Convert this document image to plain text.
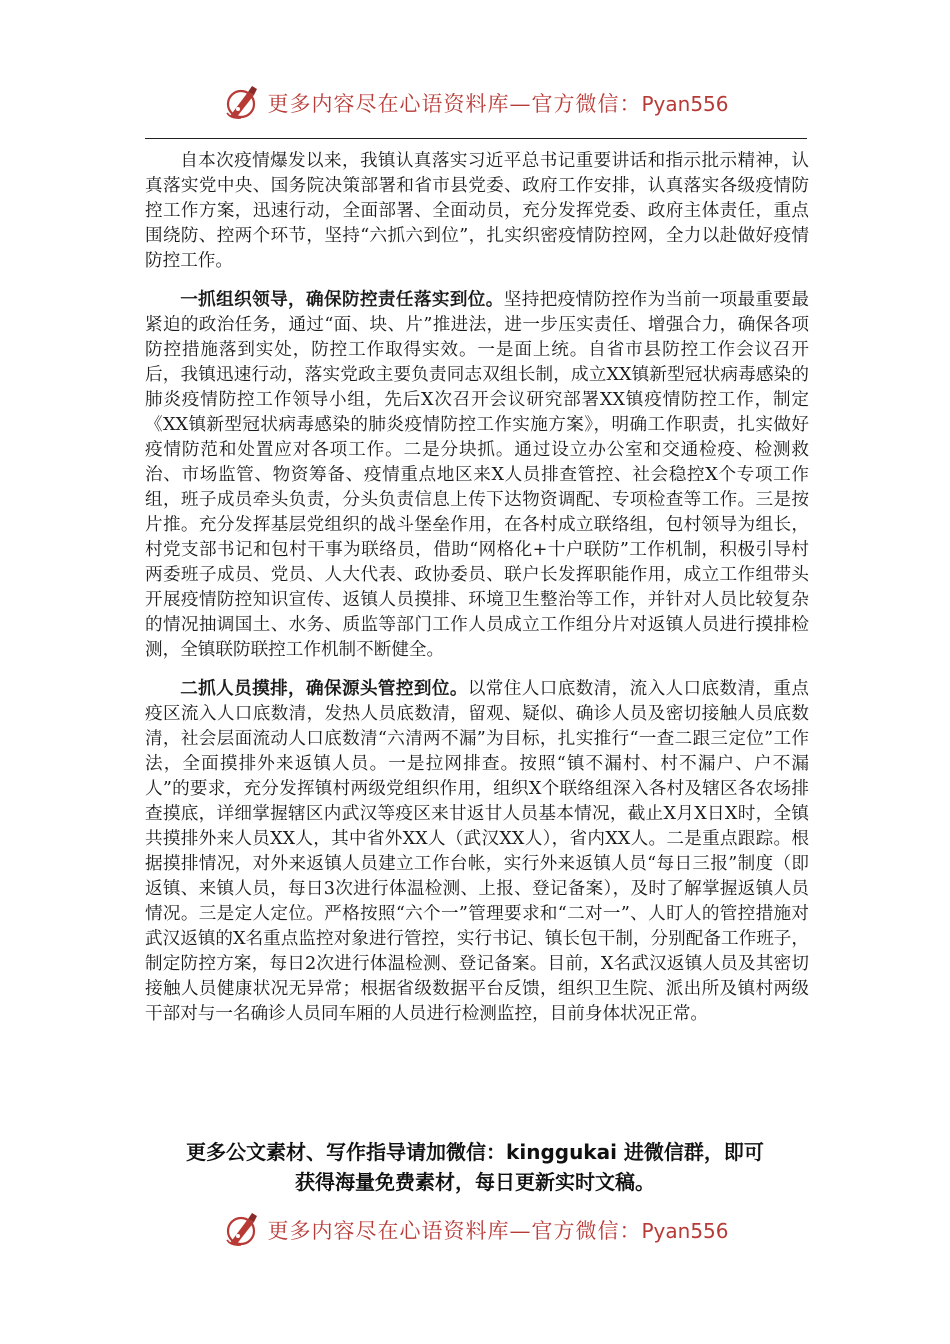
更多内容尽在心语资料库—官方微信：Pyan556

自本次疫情爆发以来，我镇认真落实习近平总书记重要讲话和指示批示精神，认真落实党中央、国务院决策部署和省市县党委、政府工作安排，认真落实各级疫情防控工作方案，迅速行动，全面部署、全面动员，充分发挥党委、政府主体责任，重点围绕防、控两个环节，坚持“六抓六到位”，扎实织密疫情防控网，全力以赴做好疫情防控工作。

一抓组织领导，确保防控责任落实到位。坚持把疫情防控作为当前一项最重要最紧迫的政治任务，通过“面、块、片”推进法，进一步压实责任、增强合力，确保各项防控措施落到实处，防控工作取得实效。一是面上统。自省市县防控工作会议召开后，我镇迅速行动，落实党政主要负责同志双组长制，成立XX镇新型冠状病毒感染的肺炎疫情防控工作领导小组，先后X次召开会议研究部署XX镇疫情防控工作，制定《XX镇新型冠状病毒感染的肺炎疫情防控工作实施方案》，明确工作职责，扎实做好疫情防范和处置应对各项工作。二是分块抓。通过设立办公室和交通检疫、检测救治、市场监管、物资筹备、疫情重点地区来X人员排查管控、社会稳控X个专项工作组，班子成员牵头负责，分头负责信息上传下达物资调配、专项检查等工作。三是按片推。充分发挥基层党组织的战斗堡垒作用，在各村成立联络组，包村领导为组长，村党支部书记和包村干事为联络员，借助“网格化+十户联防”工作机制，积极引导村两委班子成员、党员、人大代表、政协委员、联户长发挥职能作用，成立工作组带头开展疫情防控知识宣传、返镇人员摸排、环境卫生整治等工作，并针对人员比较复杂的情况抽调国土、水务、质监等部门工作人员成立工作组分片对返镇人员进行摸排检测，全镇联防联控工作机制不断健全。

二抓人员摸排，确保源头管控到位。以常住人口底数清，流入人口底数清，重点疫区流入人口底数清，发热人员底数清，留观、疑似、确诊人员及密切接触人员底数清，社会层面流动人口底数清“六清两不漏”为目标，扎实推行“一查二跟三定位”工作法，全面摸排外来返镇人员。一是拉网排查。按照“镇不漏村、村不漏户、户不漏人”的要求，充分发挥镇村两级党组织作用，组织X个联络组深入各村及辖区各农场排查摸底，详细掌握辖区内武汉等疫区来甘返甘人员基本情况，截止X月X日X时，全镇共摸排外来人员XX人，其中省外XX人（武汉XX人），省内XX人。二是重点跟踪。根据摸排情况，对外来返镇人员建立工作台帐，实行外来返镇人员“每日三报”制度（即返镇、来镇人员，每日3次进行体温检测、上报、登记备案），及时了解掌握返镇人员情况。三是定人定位。严格按照“六个一”管理要求和“二对一”、人盯人的管控措施对武汉返镇的X名重点监控对象进行管控，实行书记、镇长包干制，分别配备工作班子，制定防控方案，每日2次进行体温检测、登记备案。目前，X名武汉返镇人员及其密切接触人员健康状况无异常；根据省级数据平台反馈，组织卫生院、派出所及镇村两级干部对与一名确诊人员同车厢的人员进行检测监控，目前身体状况正常。

更多公文素材、写作指导请加微信：kinggukai 进微信群，即可
获得海量免费素材，每日更新实时文稿。
更多内容尽在心语资料库—官方微信：Pyan556
